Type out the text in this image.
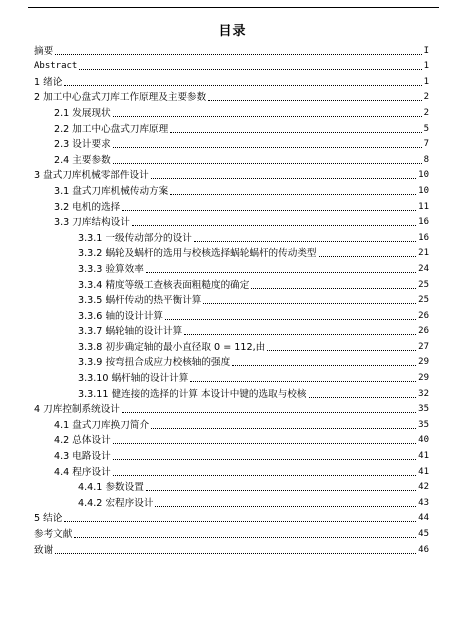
目录
摘要	I
Abstract	1
1 绪论	1
2 加工中心盘式刀库工作原理及主要参数	2
2.1 发展现状	2
2.2 加工中心盘式刀库原理	5
2.3 设计要求	7
2.4 主要参数	8
3 盘式刀库机械零部件设计	10
3.1 盘式刀库机械传动方案	10
3.2 电机的选择	11
3.3 刀库结构设计	16
3.3.1 一级传动部分的设计	16
3.3.2 蜗轮及蜗杆的选用与校核选择蜗轮蜗杆的传动类型	21
3.3.3 验算效率	24
3.3.4 精度等级工查核表面粗糙度的确定	25
3.3.5 蜗杆传动的热平衡计算	25
3.3.6 轴的设计计算	26
3.3.7 蜗轮轴的设计计算	26
3.3.8 初步确定轴的最小直径取 0 = 112,由	27
3.3.9 按弯扭合成应力校核轴的强度	29
3.3.10 蜗杆轴的设计计算	29
3.3.11 健连接的选择的计算 本设计中键的选取与校核	32
4 刀库控制系统设计	35
4.1 盘式刀库换刀简介	35
4.2 总体设计	40
4.3 电路设计	41
4.4 程序设计	41
4.4.1 参数设置	42
4.4.2 宏程序设计	43
5 结论	44
参考文献	45
致谢	46
